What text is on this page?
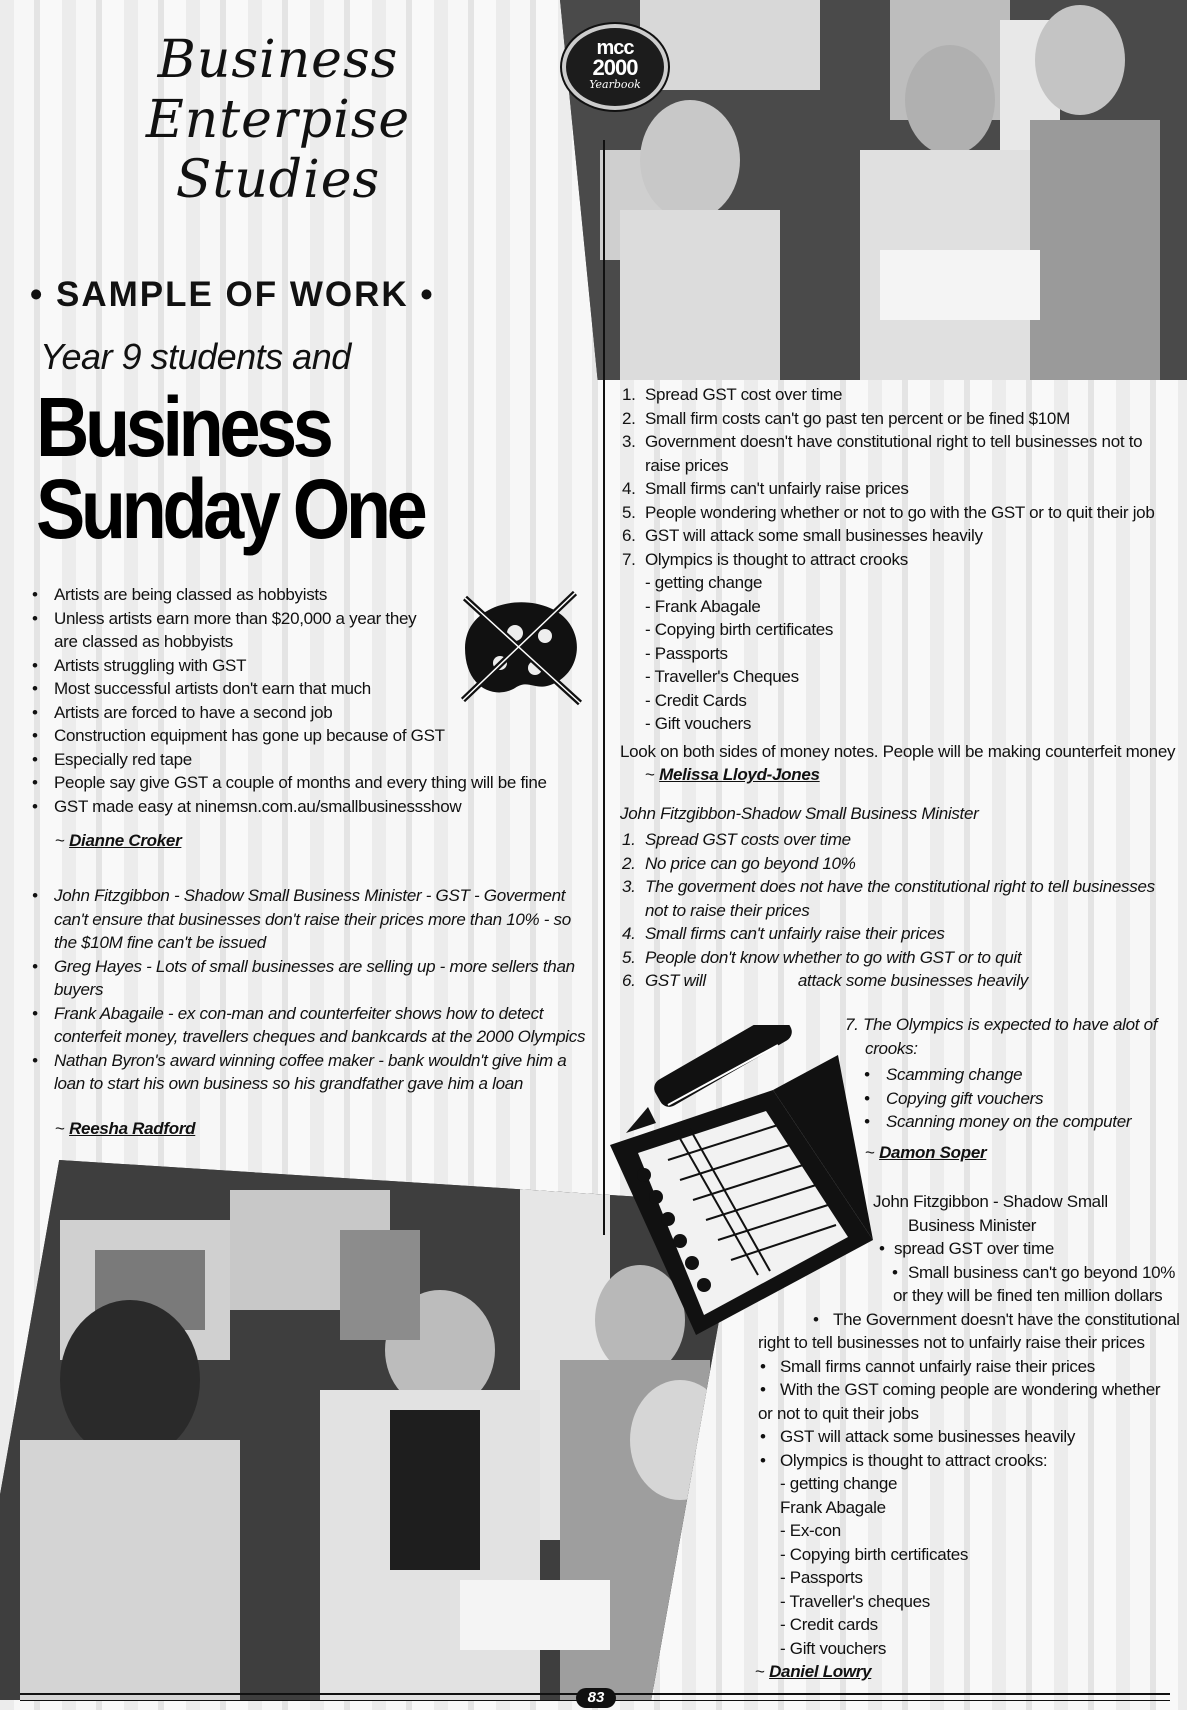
mcc
2000
Yearbook
Business
Enterpise
Studies
• SAMPLE OF WORK •
Year 9 students and
Business
Sunday One
• Artists are being classed as hobbyists
• Unless artists earn more than $20,000 a year they
are classed as hobbyists
• Artists struggling with GST
• Most successful artists don't earn that much
• Artists are forced to have a second job
• Construction equipment has gone up because of GST
• Especially red tape
• People say give GST a couple of months and every thing will be fine
• GST made easy at ninemsn.com.au/smallbusinessshow
~ Dianne Croker
• John Fitzgibbon - Shadow Small Business Minister - GST - Goverment
can't ensure that businesses don't raise their prices more than 10% - so
the $10M fine can't be issued
• Greg Hayes - Lots of small businesses are selling up - more sellers than
buyers
• Frank Abagaile - ex con-man and counterfeiter shows how to detect
conterfeit money, travellers cheques and bankcards at the 2000 Olympics
• Nathan Byron's award winning coffee maker - bank wouldn't give him a
loan to start his own business so his grandfather gave him a loan
~ Reesha Radford
1. Spread GST cost over time
2. Small firm costs can't go past ten percent or be fined $10M
3. Government doesn't have constitutional right to tell businesses not to
raise prices
4. Small firms can't unfairly raise prices
5. People wondering whether or not to go with the GST or to quit their job
6. GST will attack some small businesses heavily
7. Olympics is thought to attract crooks
- getting change
- Frank Abagale
- Copying birth certificates
- Passports
- Traveller's Cheques
- Credit Cards
- Gift vouchers
Look on both sides of money notes. People will be making counterfeit money
~ Melissa Lloyd-Jones
John Fitzgibbon-Shadow Small Business Minister
1. Spread GST costs over time
2. No price can go beyond 10%
3. The goverment does not have the constitutional right to tell businesses
not to raise their prices
4. Small firms can't unfairly raise their prices
5. People don't know whether to go with GST or to quit
6. GST will	attack some businesses heavily
7. The Olympics is expected to have alot of
crooks:
• Scamming change
• Copying gift vouchers
• Scanning money on the computer
~ Damon Soper
• John Fitzgibbon - Shadow Small
Business Minister
• spread GST over time
• Small business can't go beyond 10%
or they will be fined ten million dollars
• The Government doesn't have the constitutional
right to tell businesses not to unfairly raise their prices
• Small firms cannot unfairly raise their prices
• With the GST coming people are wondering whether
or not to quit their jobs
• GST will attack some businesses heavily
• Olympics is thought to attract crooks:
- getting change
Frank Abagale
- Ex-con
- Copying birth certificates
- Passports
- Traveller's cheques
- Credit cards
- Gift vouchers
~ Daniel Lowry
83
